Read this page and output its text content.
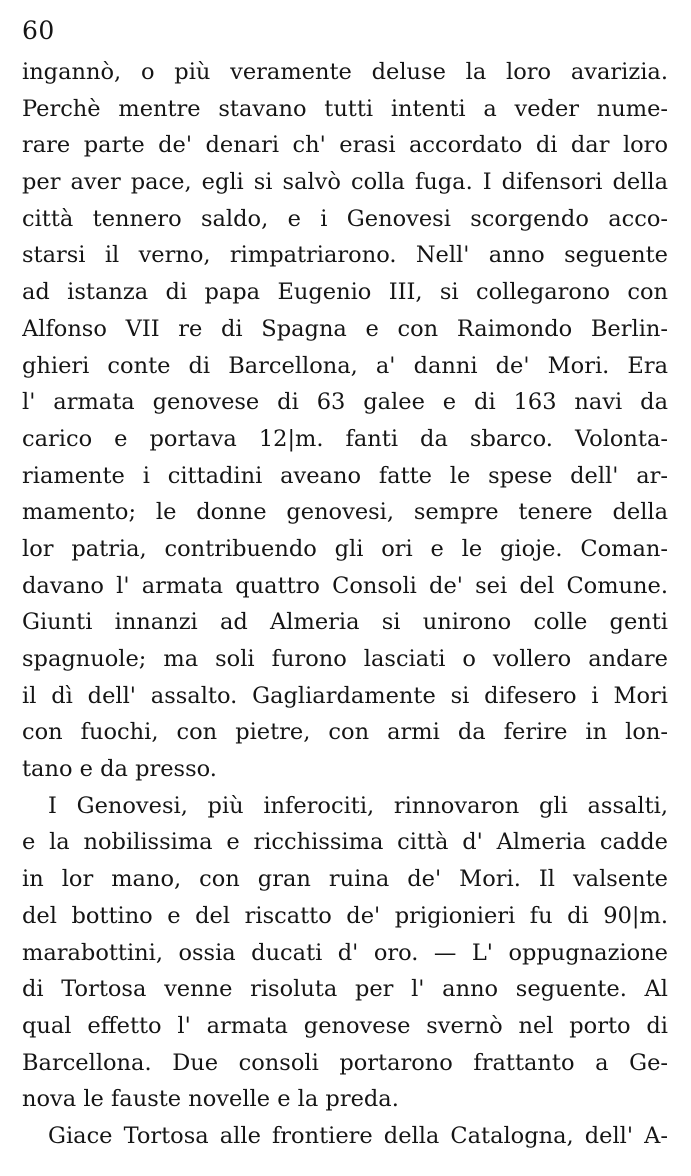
60
ingannò, o più veramente deluse la loro avarizia.
Perchè mentre stavano tutti intenti a veder nume-
rare parte de' denari ch' erasi accordato di dar loro
per aver pace, egli si salvò colla fuga. I difensori della
città tennero saldo, e i Genovesi scorgendo acco-
starsi il verno, rimpatriarono. Nell' anno seguente
ad istanza di papa Eugenio III, si collegarono con
Alfonso VII re di Spagna e con Raimondo Berlin-
ghieri conte di Barcellona, a' danni de' Mori. Era
l' armata genovese di 63 galee e di 163 navi da
carico e portava 12|m. fanti da sbarco. Volonta-
riamente i cittadini aveano fatte le spese dell' ar-
mamento; le donne genovesi, sempre tenere della
lor patria, contribuendo gli ori e le gioje. Coman-
davano l' armata quattro Consoli de' sei del Comune.
Giunti innanzi ad Almeria si unirono colle genti
spagnuole; ma soli furono lasciati o vollero andare
il dì dell' assalto. Gagliardamente si difesero i Mori
con fuochi, con pietre, con armi da ferire in lon-
tano e da presso.
I Genovesi, più inferociti, rinnovaron gli assalti,
e la nobilissima e ricchissima città d' Almeria cadde
in lor mano, con gran ruina de' Mori. Il valsente
del bottino e del riscatto de' prigionieri fu di 90|m.
marabottini, ossia ducati d' oro. — L' oppugnazione
di Tortosa venne risoluta per l' anno seguente. Al
qual effetto l' armata genovese svernò nel porto di
Barcellona. Due consoli portarono frattanto a Ge-
nova le fauste novelle e la preda.
Giace Tortosa alle frontiere della Catalogna, dell' A-
